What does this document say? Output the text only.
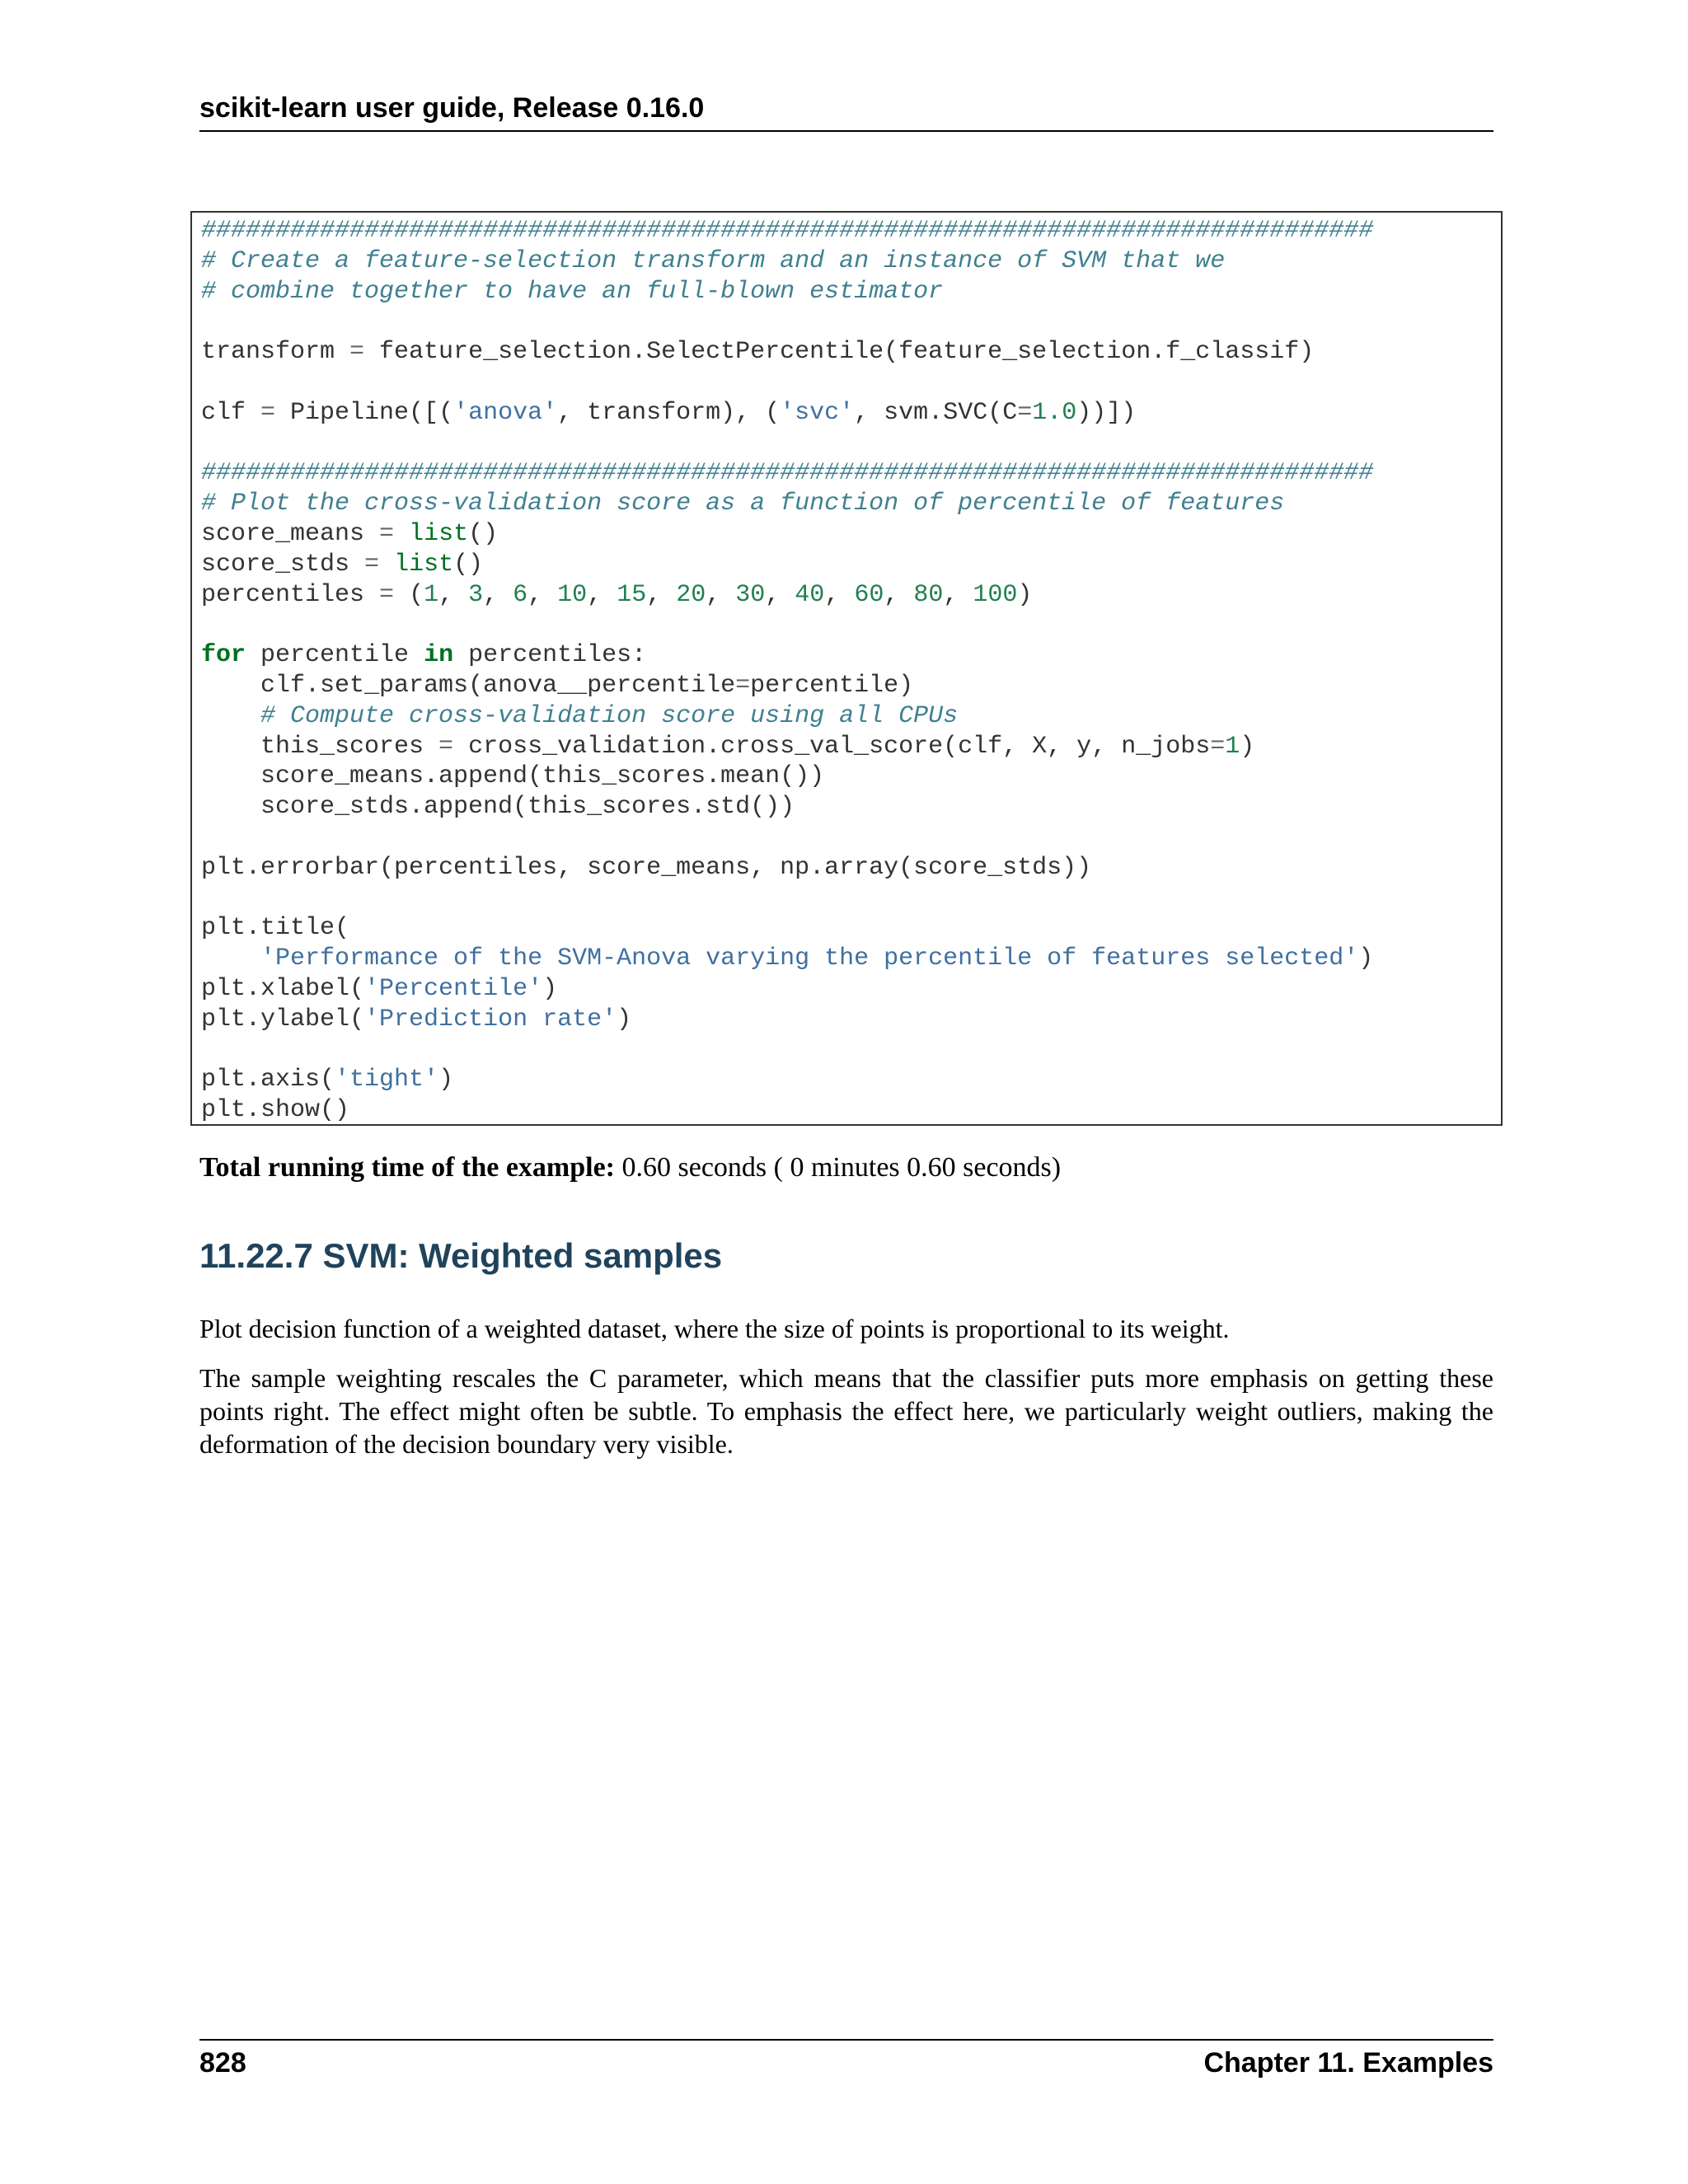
scikit-learn user guide, Release 0.16.0
###############################################################################
# Create a feature-selection transform and an instance of SVM that we
# combine together to have an full-blown estimator
transform = feature_selection.SelectPercentile(feature_selection.f_classif)
clf = Pipeline([('anova', transform), ('svc', svm.SVC(C=1.0))])
###############################################################################
# Plot the cross-validation score as a function of percentile of features
score_means = list()
score_stds = list()
percentiles = (1, 3, 6, 10, 15, 20, 30, 40, 60, 80, 100)
for percentile in percentiles:
clf.set_params(anova__percentile=percentile)
# Compute cross-validation score using all CPUs
this_scores = cross_validation.cross_val_score(clf, X, y, n_jobs=1)
score_means.append(this_scores.mean())
score_stds.append(this_scores.std())
plt.errorbar(percentiles, score_means, np.array(score_stds))
plt.title(
'Performance of the SVM-Anova varying the percentile of features selected')
plt.xlabel('Percentile')
plt.ylabel('Prediction rate')
plt.axis('tight')
plt.show()
Total running time of the example: 0.60 seconds ( 0 minutes 0.60 seconds)
11.22.7 SVM: Weighted samples

Plot decision function of a weighted dataset, where the size of points is proportional to its weight.

The sample weighting rescales the C parameter, which means that the classifier puts more emphasis on getting these points right. The effect might often be subtle. To emphasis the effect here, we particularly weight outliers, making the deformation of the decision boundary very visible.

828	Chapter 11. Examples
